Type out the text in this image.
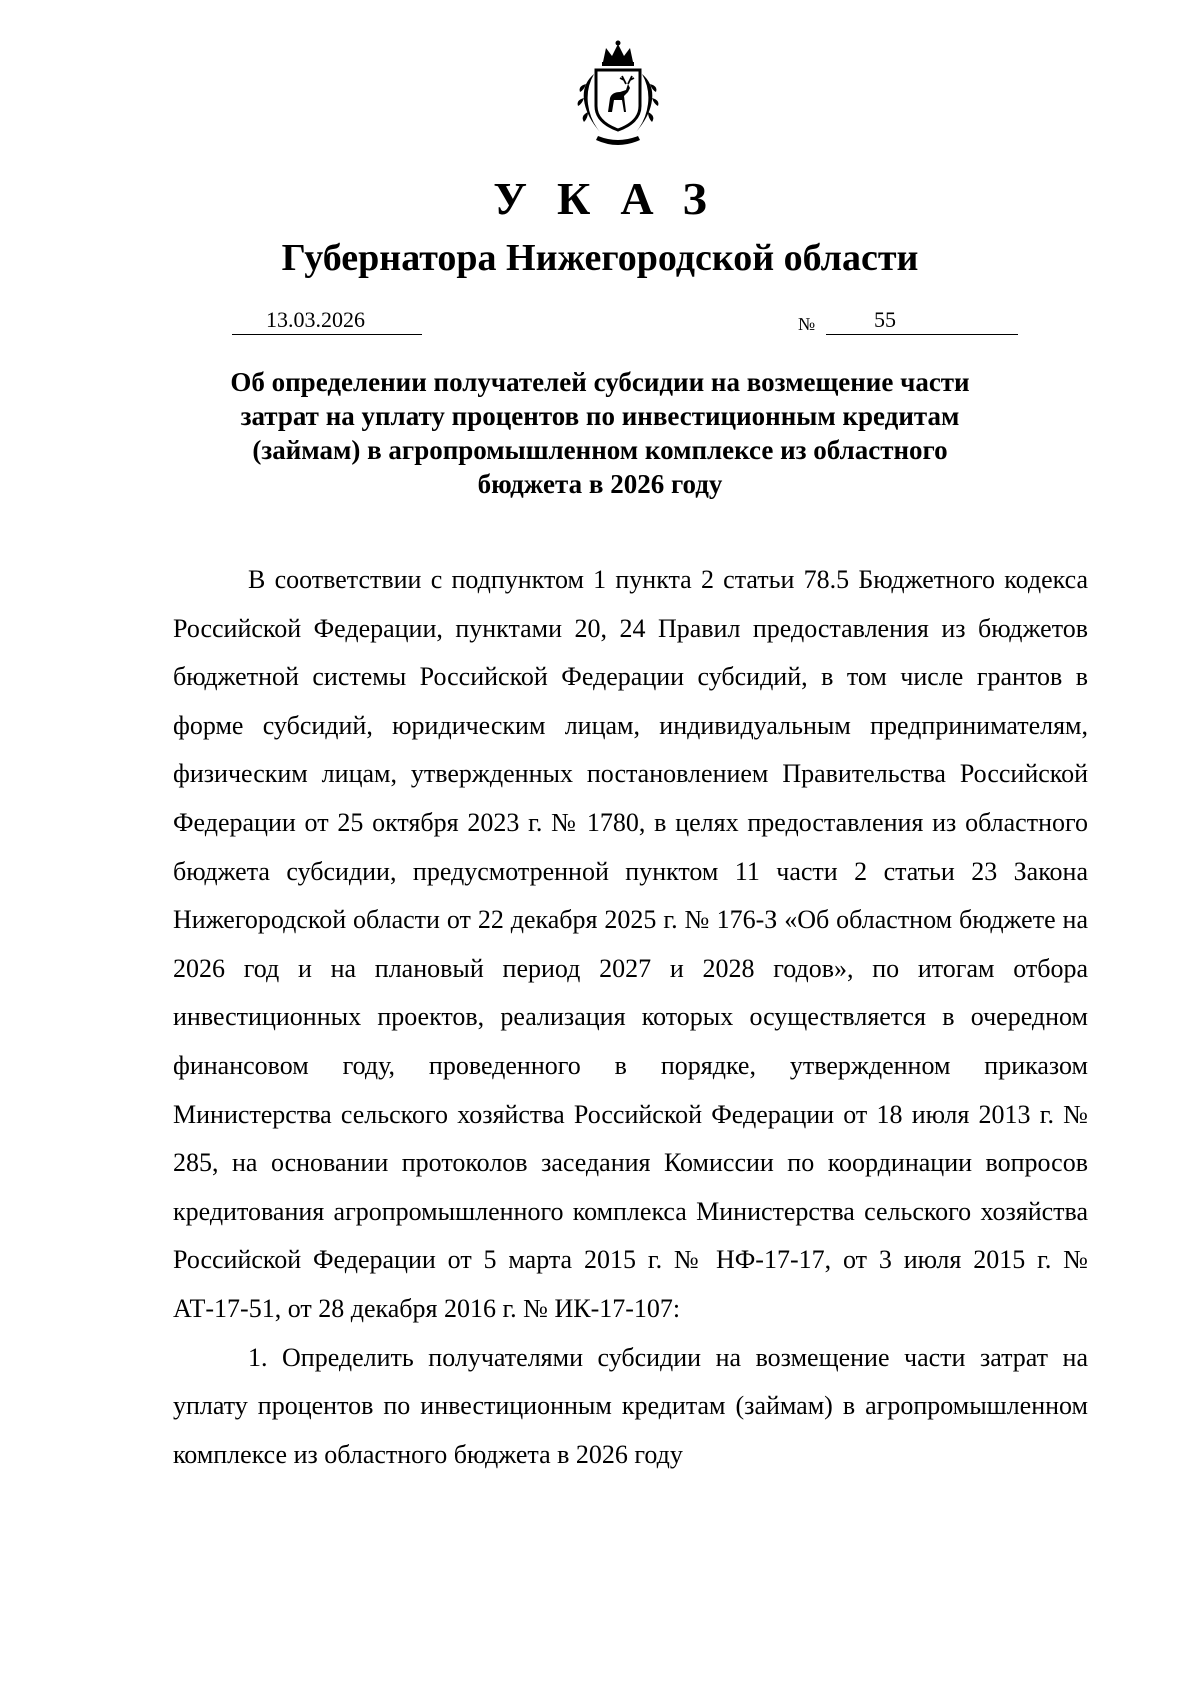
УКАЗ
Губернатора Нижегородской области
13.03.2026	№	55
Об определении получателей субсидии на возмещение части затрат на уплату процентов по инвестиционным кредитам (займам) в агропромышленном комплексе из областного бюджета в 2026 году

В соответствии с подпунктом 1 пункта 2 статьи 78.5 Бюджетного кодекса Российской Федерации, пунктами 20, 24 Правил предоставления из бюджетов бюджетной системы Российской Федерации субсидий, в том числе грантов в форме субсидий, юридическим лицам, индивидуальным предпринимателям, физическим лицам, утвержденных постановлением Правительства Российской Федерации от 25 октября 2023 г. № 1780, в целях предоставления из областного бюджета субсидии, предусмотренной пунктом 11 части 2 статьи 23 Закона Нижегородской области от 22 декабря 2025 г. № 176-З «Об областном бюджете на 2026 год и на плановый период 2027 и 2028 годов», по итогам отбора инвестиционных проектов, реализация которых осуществляется в очередном финансовом году, проведенного в порядке, утвержденном приказом Министерства сельского хозяйства Российской Федерации от 18 июля 2013 г. № 285, на основании протоколов заседания Комиссии по координации вопросов кредитования агропромышленного комплекса Министерства сельского хозяйства Российской Федерации от 5 марта 2015 г. № НФ-17-17, от 3 июля 2015 г. № АТ-17-51, от 28 декабря 2016 г. № ИК-17-107:

1. Определить получателями субсидии на возмещение части затрат на уплату процентов по инвестиционным кредитам (займам) в агропромышленном комплексе из областного бюджета в 2026 году
